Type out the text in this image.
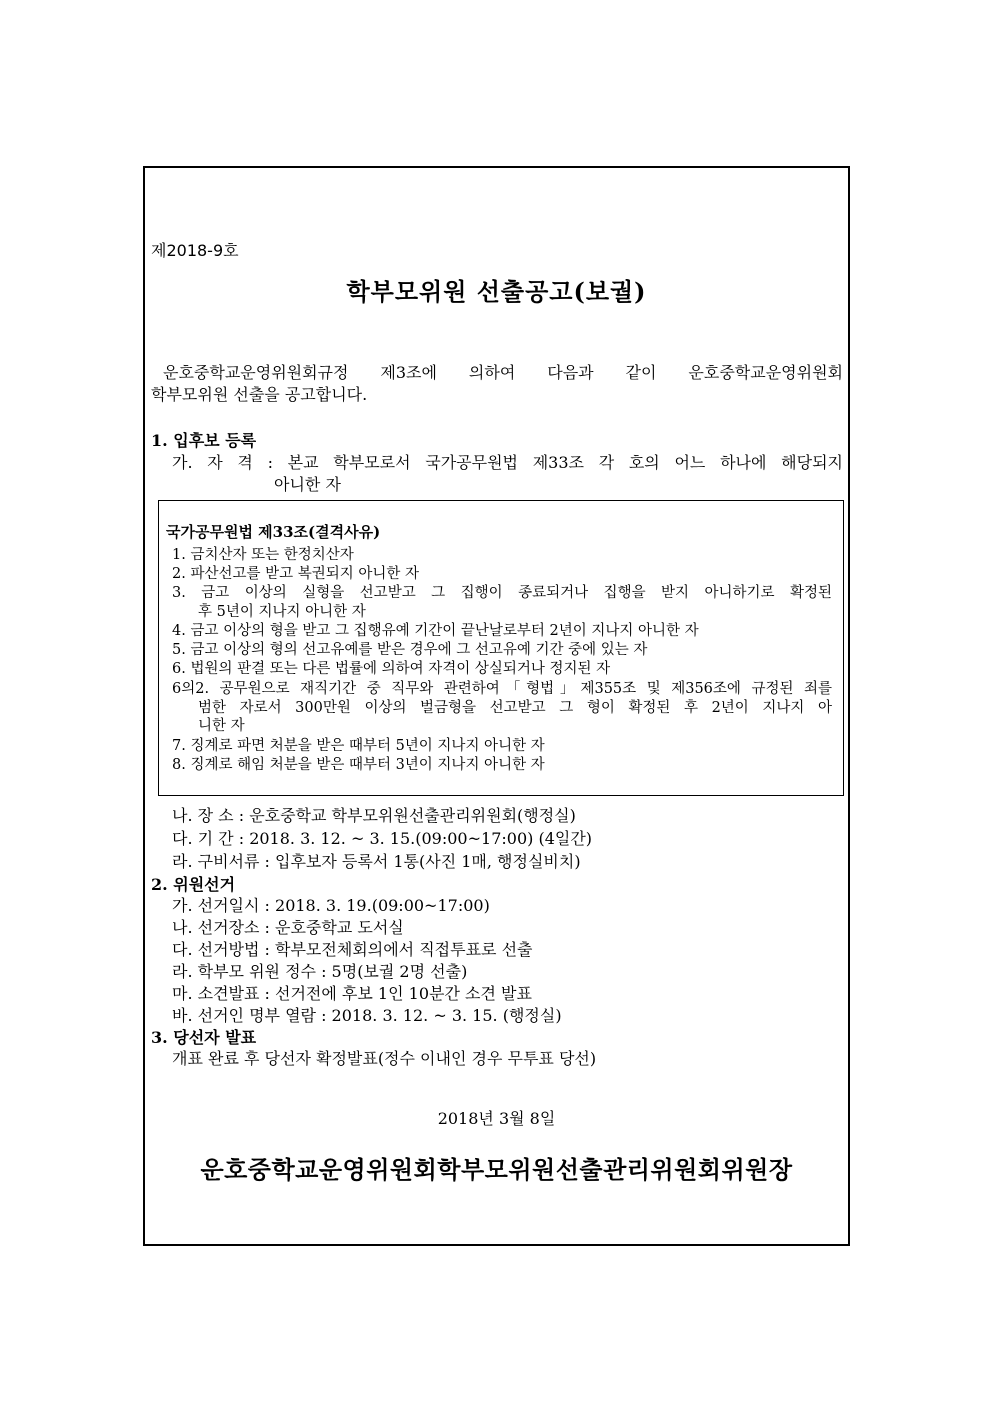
제2018-9호
학부모위원 선출공고(보궐)
운호중학교운영위원회규정 제3조에 의하여 다음과 같이 운호중학교운영위원회
학부모위원 선출을 공고합니다.
1. 입후보 등록
가. 자 격 : 본교 학부모로서 국가공무원법 제33조 각 호의 어느 하나에 해당되지
아니한 자
국가공무원법 제33조(결격사유)
1. 금치산자 또는 한정치산자
2. 파산선고를 받고 복권되지 아니한 자
3. 금고 이상의 실형을 선고받고 그 집행이 종료되거나 집행을 받지 아니하기로 확정된
후 5년이 지나지 아니한 자
4. 금고 이상의 형을 받고 그 집행유예 기간이 끝난날로부터 2년이 지나지 아니한 자
5. 금고 이상의 형의 선고유예를 받은 경우에 그 선고유예 기간 중에 있는 자
6. 법원의 판결 또는 다른 법률에 의하여 자격이 상실되거나 정지된 자
6의2. 공무원으로 재직기간 중 직무와 관련하여「형법」제355조 및 제356조에 규정된 죄를
범한 자로서 300만원 이상의 벌금형을 선고받고 그 형이 확정된 후 2년이 지나지 아
니한 자
7. 징계로 파면 처분을 받은 때부터 5년이 지나지 아니한 자
8. 징계로 해임 처분을 받은 때부터 3년이 지나지 아니한 자
나. 장 소 : 운호중학교 학부모위원선출관리위원회(행정실)
다. 기 간 : 2018. 3. 12. ~ 3. 15.(09:00~17:00) (4일간)
라. 구비서류 : 입후보자 등록서 1통(사진 1매, 행정실비치)
2. 위원선거
가. 선거일시 : 2018. 3. 19.(09:00~17:00)
나. 선거장소 : 운호중학교 도서실
다. 선거방법 : 학부모전체회의에서 직접투표로 선출
라. 학부모 위원 정수 : 5명(보궐 2명 선출)
마. 소견발표 : 선거전에 후보 1인 10분간 소견 발표
바. 선거인 명부 열람 : 2018. 3. 12. ~ 3. 15. (행정실)
3. 당선자 발표
개표 완료 후 당선자 확정발표(정수 이내인 경우 무투표 당선)
2018년 3월 8일
운호중학교운영위원회학부모위원선출관리위원회위원장
